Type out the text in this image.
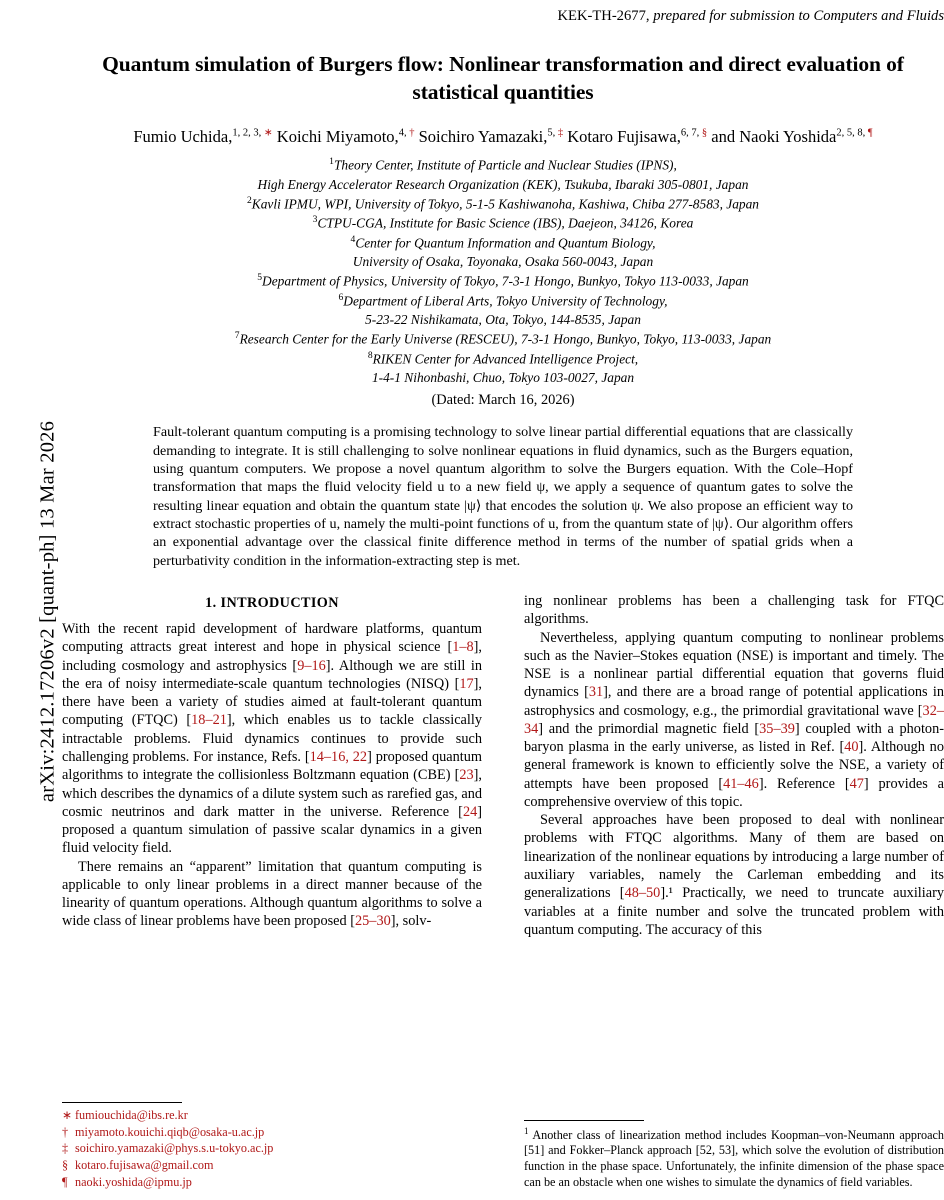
arXiv:2412.17206v2 [quant-ph] 13 Mar 2026
KEK-TH-2677, prepared for submission to Computers and Fluids
Quantum simulation of Burgers flow: Nonlinear transformation and direct evaluation of statistical quantities
Fumio Uchida,$^{1, 2, 3, ∗}$ Koichi Miyamoto,$^{4, \dagger}$ Soichiro Yamazaki,$^{5, \ddagger}$ Kotaro Fujisawa,$^{6, 7, \S}$ and Naoki Yoshida$^{2, 5, 8, \P}$
$^1$Theory Center, Institute of Particle and Nuclear Studies (IPNS),
High Energy Accelerator Research Organization (KEK), Tsukuba, Ibaraki 305-0801, Japan
$^2$Kavli IPMU, WPI, University of Tokyo, 5-1-5 Kashiwanoha, Kashiwa, Chiba 277-8583, Japan
$^3$CTPU-CGA, Institute for Basic Science (IBS), Daejeon, 34126, Korea
$^4$Center for Quantum Information and Quantum Biology,
University of Osaka, Toyonaka, Osaka 560-0043, Japan
$^5$Department of Physics, University of Tokyo, 7-3-1 Hongo, Bunkyo, Tokyo 113-0033, Japan
$^6$Department of Liberal Arts, Tokyo University of Technology,
5-23-22 Nishikamata, Ota, Tokyo, 144-8535, Japan
$^7$Research Center for the Early Universe (RESCEU), 7-3-1 Hongo, Bunkyo, Tokyo, 113-0033, Japan
$^8$RIKEN Center for Advanced Intelligence Project,
1-4-1 Nihonbashi, Chuo, Tokyo 103-0027, Japan
(Dated: March 16, 2026)
Fault-tolerant quantum computing is a promising technology to solve linear partial differential equations that are classically demanding to integrate. It is still challenging to solve nonlinear equations in fluid dynamics, such as the Burgers equation, using quantum computers. We propose a novel quantum algorithm to solve the Burgers equation. With the Cole–Hopf transformation that maps the fluid velocity field u to a new field ψ, we apply a sequence of quantum gates to solve the resulting linear equation and obtain the quantum state |ψ⟩ that encodes the solution ψ. We also propose an efficient way to extract stochastic properties of u, namely the multi-point functions of u, from the quantum state of |ψ⟩. Our algorithm offers an exponential advantage over the classical finite difference method in terms of the number of spatial grids when a perturbativity condition in the information-extracting step is met.
1. INTRODUCTION

With the recent rapid development of hardware platforms, quantum computing attracts great interest and hope in physical science [1–8], including cosmology and astrophysics [9–16]. Although we are still in the era of noisy intermediate-scale quantum technologies (NISQ) [17], there have been a variety of studies aimed at fault-tolerant quantum computing (FTQC) [18–21], which enables us to tackle classically intractable problems. Fluid dynamics continues to provide such challenging problems. For instance, Refs. [14–16, 22] proposed quantum algorithms to integrate the collisionless Boltzmann equation (CBE) [23], which describes the dynamics of a dilute system such as rarefied gas, and cosmic neutrinos and dark matter in the universe. Reference [24] proposed a quantum simulation of passive scalar dynamics in a given fluid velocity field.

There remains an “apparent” limitation that quantum computing is applicable to only linear problems in a direct manner because of the linearity of quantum operations. Although quantum algorithms to solve a wide class of linear problems have been proposed [25–30], solv-

ing nonlinear problems has been a challenging task for FTQC algorithms.

Nevertheless, applying quantum computing to nonlinear problems such as the Navier–Stokes equation (NSE) is important and timely. The NSE is a nonlinear partial differential equation that governs fluid dynamics [31], and there are a broad range of potential applications in astrophysics and cosmology, e.g., the primordial gravitational wave [32–34] and the primordial magnetic field [35–39] coupled with a photon-baryon plasma in the early universe, as listed in Ref. [40]. Although no general framework is known to efficiently solve the NSE, a variety of attempts have been proposed [41–46]. Reference [47] provides a comprehensive overview of this topic.

Several approaches have been proposed to deal with nonlinear problems with FTQC algorithms. Many of them are based on linearization of the nonlinear equations by introducing a large number of auxiliary variables, namely the Carleman embedding and its generalizations [48–50].¹ Practically, we need to truncate auxiliary variables at a finite number and solve the truncated problem with quantum computing. The accuracy of this

∗ fumiouchida@ibs.re.kr
† miyamoto.kouichi.qiqb@osaka-u.ac.jp
‡ soichiro.yamazaki@phys.s.u-tokyo.ac.jp
§ kotaro.fujisawa@gmail.com
¶ naoki.yoshida@ipmu.jp
$^1$ Another class of linearization method includes Koopman–von-Neumann approach [51] and Fokker–Planck approach [52, 53], which solve the evolution of distribution function in the phase space. Unfortunately, the infinite dimension of the phase space can be an obstacle when one wishes to simulate the dynamics of field variables.
